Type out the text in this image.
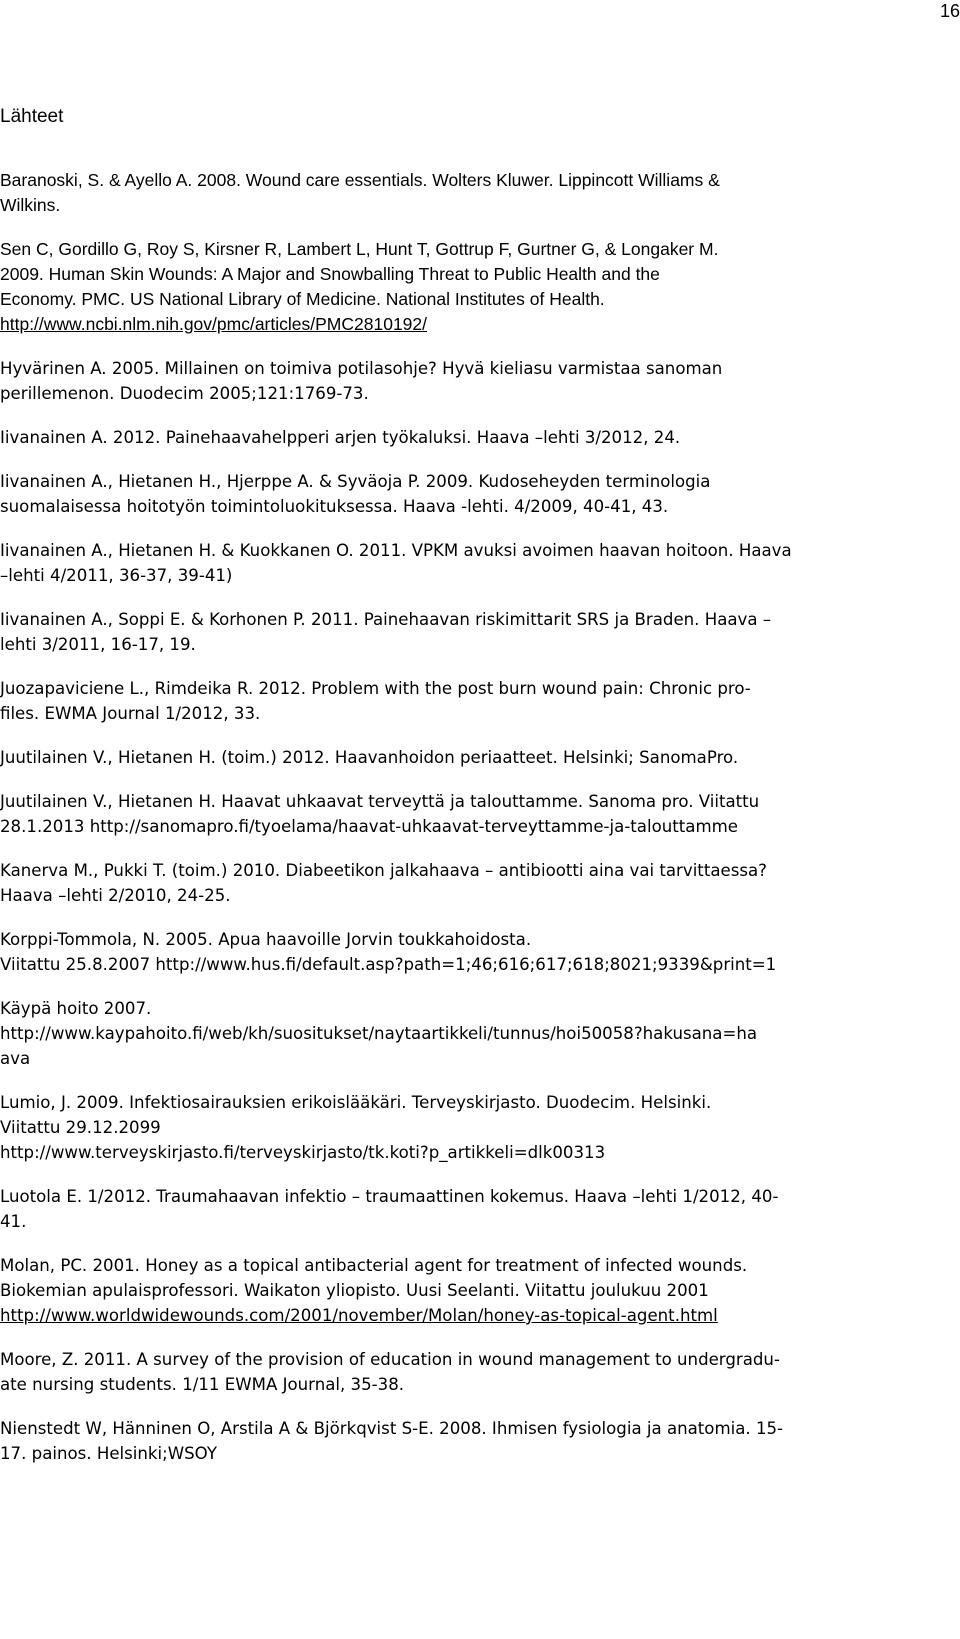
16
Lähteet
Baranoski, S. & Ayello A. 2008. Wound care essentials. Wolters Kluwer. Lippincott Williams &
Wilkins.
Sen C, Gordillo G, Roy S, Kirsner R, Lambert L, Hunt T, Gottrup F, Gurtner G, & Longaker M.
2009. Human Skin Wounds: A Major and Snowballing Threat to Public Health and the
Economy. PMC. US National Library of Medicine. National Institutes of Health.
http://www.ncbi.nlm.nih.gov/pmc/articles/PMC2810192/
Hyvärinen A. 2005. Millainen on toimiva potilasohje? Hyvä kieliasu varmistaa sanoman
perillemenon. Duodecim 2005;121:1769-73.
Iivanainen A. 2012. Painehaavahelpperi arjen työkaluksi. Haava –lehti 3/2012, 24.
Iivanainen A., Hietanen H., Hjerppe A. & Syväoja P. 2009. Kudoseheyden terminologia
suomalaisessa hoitotyön toimintoluokituksessa. Haava -lehti. 4/2009, 40-41, 43.
Iivanainen A., Hietanen H. & Kuokkanen O. 2011. VPKM avuksi avoimen haavan hoitoon. Haava
–lehti 4/2011, 36-37, 39-41)
Iivanainen A., Soppi E. & Korhonen P. 2011. Painehaavan riskimittarit SRS ja Braden. Haava –
lehti 3/2011, 16-17, 19.
Juozapaviciene L., Rimdeika R. 2012. Problem with the post burn wound pain: Chronic pro-
files. EWMA Journal 1/2012, 33.
Juutilainen V., Hietanen H. (toim.) 2012. Haavanhoidon periaatteet. Helsinki; SanomaPro.
Juutilainen V., Hietanen H. Haavat uhkaavat terveyttä ja talouttamme. Sanoma pro. Viitattu
28.1.2013 http://sanomapro.fi/tyoelama/haavat-uhkaavat-terveyttamme-ja-talouttamme
Kanerva M., Pukki T. (toim.) 2010. Diabeetikon jalkahaava – antibiootti aina vai tarvittaessa?
Haava –lehti 2/2010, 24-25.
Korppi-Tommola, N. 2005. Apua haavoille Jorvin toukkahoidosta.
Viitattu 25.8.2007 http://www.hus.fi/default.asp?path=1;46;616;617;618;8021;9339&print=1
Käypä hoito 2007.
http://www.kaypahoito.fi/web/kh/suositukset/naytaartikkeli/tunnus/hoi50058?hakusana=ha
ava
Lumio, J. 2009. Infektiosairauksien erikoislääkäri. Terveyskirjasto. Duodecim. Helsinki.
Viitattu 29.12.2099
http://www.terveyskirjasto.fi/terveyskirjasto/tk.koti?p_artikkeli=dlk00313
Luotola E. 1/2012. Traumahaavan infektio – traumaattinen kokemus. Haava –lehti 1/2012, 40-
41.
Molan, PC. 2001. Honey as a topical antibacterial agent for treatment of infected wounds.
Biokemian apulaisprofessori. Waikaton yliopisto. Uusi Seelanti. Viitattu joulukuu 2001
http://www.worldwidewounds.com/2001/november/Molan/honey-as-topical-agent.html
Moore, Z. 2011. A survey of the provision of education in wound management to undergradu-
ate nursing students. 1/11 EWMA Journal, 35-38.
Nienstedt W, Hänninen O, Arstila A & Björkqvist S-E. 2008. Ihmisen fysiologia ja anatomia. 15-
17. painos. Helsinki;WSOY
